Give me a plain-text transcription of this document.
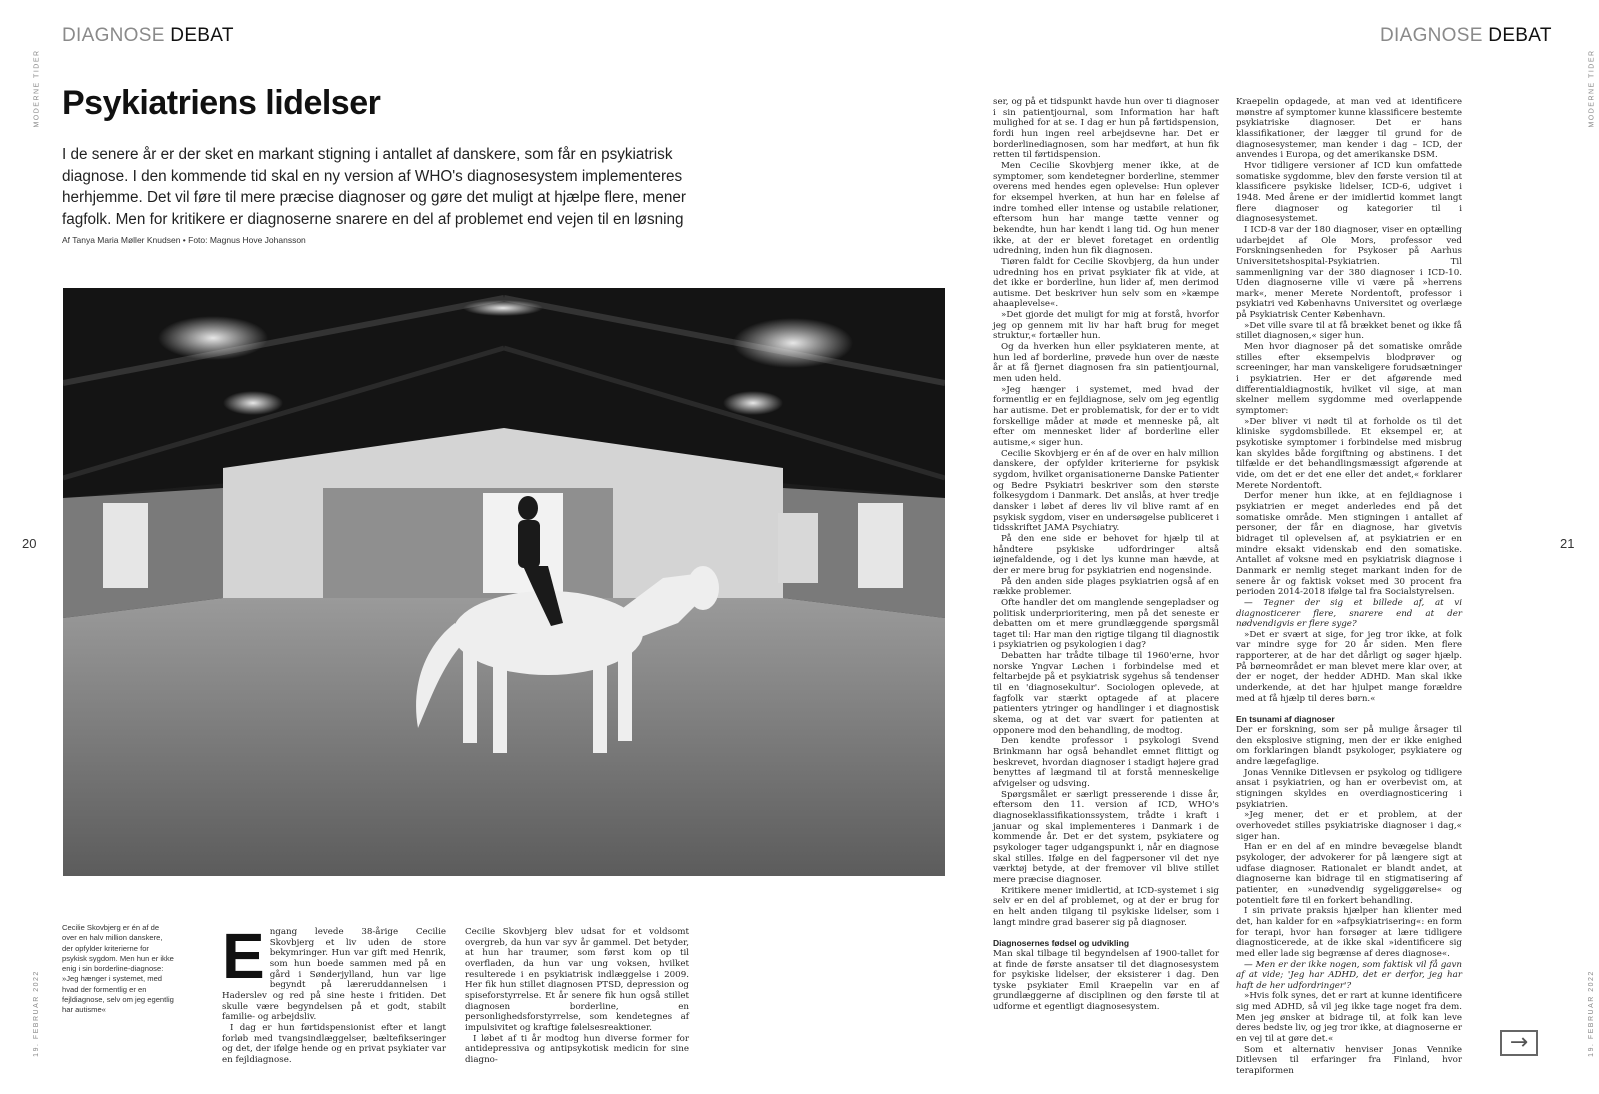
DIAGNOSE DEBAT	DIAGNOSE DEBAT
MODERNE TIDER	MODERNE TIDER
19. FEBRUAR 2022	19. FEBRUAR 2022
20	21
Psykiatriens lidelser

I de senere år er der sket en markant stigning i antallet af danskere, som får en psykiatrisk diagnose. I den kommende tid skal en ny version af WHO's diagnosesystem implementeres herhjemme. Det vil føre til mere præcise diagnoser og gøre det muligt at hjælpe flere, mener fagfolk. Men for kritikere er diagnoserne snarere en del af problemet end vejen til en løsning

Af Tanya Maria Møller Knudsen • Foto: Magnus Hove Johansson

Cecilie Skovbjerg er én af de over en halv million danskere, der opfylder kriterierne for psykisk sygdom. Men hun er ikke enig i sin borderline-diagnose: »Jeg hænger i systemet, med hvad der formentlig er en fejldiagnose, selv om jeg egentlig har autisme«

E ngang levede 38-årige Cecilie Skovbjerg et liv uden de store bekymringer. Hun var gift med Henrik, som hun boede sammen med på en gård i Sønderjylland, hun var lige begyndt på læreruddannelsen i Haderslev og red på sine heste i fritiden. Det skulle være begyndelsen på et godt, stabilt familie- og arbejdsliv.

I dag er hun førtidspensionist efter et langt forløb med tvangsindlæggelser, bæltefikseringer og det, der ifølge hende og en privat psykiater var en fejldiagnose.

Cecilie Skovbjerg blev udsat for et voldsomt overgreb, da hun var syv år gammel. Det betyder, at hun har traumer, som først kom op til overfladen, da hun var ung voksen, hvilket resulterede i en psykiatrisk indlæggelse i 2009. Her fik hun stillet diagnosen PTSD, depression og spiseforstyrrelse. Et år senere fik hun også stillet diagnosen borderline, en personlighedsforstyrrelse, som kendetegnes af impulsivitet og kraftige følelsesreaktioner.

I løbet af ti år modtog hun diverse former for antidepressiva og antipsykotisk medicin for sine diagno-

ser, og på et tidspunkt havde hun over ti diagnoser i sin patientjournal, som Information har haft mulighed for at se. I dag er hun på førtidspension, fordi hun ingen reel arbejdsevne har. Det er borderlinediagnosen, som har medført, at hun fik retten til førtidspension.

Men Cecilie Skovbjerg mener ikke, at de symptomer, som kendetegner borderline, stemmer overens med hendes egen oplevelse: Hun oplever for eksempel hverken, at hun har en følelse af indre tomhed eller intense og ustabile relationer, eftersom hun har mange tætte venner og bekendte, hun har kendt i lang tid. Og hun mener ikke, at der er blevet foretaget en ordentlig udredning, inden hun fik diagnosen.

Tiøren faldt for Cecilie Skovbjerg, da hun under udredning hos en privat psykiater fik at vide, at det ikke er borderline, hun lider af, men derimod autisme. Det beskriver hun selv som en »kæmpe ahaaplevelse«.

»Det gjorde det muligt for mig at forstå, hvorfor jeg op gennem mit liv har haft brug for meget struktur,« fortæller hun.

Og da hverken hun eller psykiateren mente, at hun led af borderline, prøvede hun over de næste år at få fjernet diagnosen fra sin patientjournal, men uden held.

»Jeg hænger i systemet, med hvad der formentlig er en fejldiagnose, selv om jeg egentlig har autisme. Det er problematisk, for der er to vidt forskellige måder at møde et menneske på, alt efter om mennesket lider af borderline eller autisme,« siger hun.

Cecilie Skovbjerg er én af de over en halv million danskere, der opfylder kriterierne for psykisk sygdom, hvilket organisationerne Danske Patienter og Bedre Psykiatri beskriver som den største folkesygdom i Danmark. Det anslås, at hver tredje dansker i løbet af deres liv vil blive ramt af en psykisk sygdom, viser en undersøgelse publiceret i tidsskriftet JAMA Psychiatry.

På den ene side er behovet for hjælp til at håndtere psykiske udfordringer altså iøjnefaldende, og i det lys kunne man hævde, at der er mere brug for psykiatrien end nogensinde.

På den anden side plages psykiatrien også af en række problemer.

Ofte handler det om manglende sengepladser og politisk underprioritering, men på det seneste er debatten om et mere grundlæggende spørgsmål taget til: Har man den rigtige tilgang til diagnostik i psykiatrien og psykologien i dag?

Debatten har trådte tilbage til 1960'erne, hvor norske Yngvar Løchen i forbindelse med et feltarbejde på et psykiatrisk sygehus så tendenser til en 'diagnosekultur'. Sociologen oplevede, at fagfolk var stærkt optagede af at placere patienters ytringer og handlinger i et diagnostisk skema, og at det var svært for patienten at opponere mod den behandling, de modtog.

Den kendte professor i psykologi Svend Brinkmann har også behandlet emnet flittigt og beskrevet, hvordan diagnoser i stadigt højere grad benyttes af lægmand til at forstå menneskelige afvigelser og udsving.

Spørgsmålet er særligt presserende i disse år, eftersom den 11. version af ICD, WHO's diagnoseklassifikationssystem, trådte i kraft i januar og skal implementeres i Danmark i de kommende år. Det er det system, psykiatere og psykologer tager udgangspunkt i, når en diagnose skal stilles. Ifølge en del fagpersoner vil det nye værktøj betyde, at der fremover vil blive stillet mere præcise diagnoser.

Kritikere mener imidlertid, at ICD-systemet i sig selv er en del af problemet, og at der er brug for en helt anden tilgang til psykiske lidelser, som i langt mindre grad baserer sig på diagnoser.

Diagnosernes fødsel og udvikling

Man skal tilbage til begyndelsen af 1900-tallet for at finde de første ansatser til det diagnosesystem for psykiske lidelser, der eksisterer i dag. Den tyske psykiater Emil Kraepelin var en af grundlæggerne af disciplinen og den første til at udforme et egentligt diagnosesystem.

Kraepelin opdagede, at man ved at identificere mønstre af symptomer kunne klassificere bestemte psykiatriske diagnoser. Det er hans klassifikationer, der lægger til grund for de diagnosesystemer, man kender i dag – ICD, der anvendes i Europa, og det amerikanske DSM.

Hvor tidligere versioner af ICD kun omfattede somatiske sygdomme, blev den første version til at klassificere psykiske lidelser, ICD-6, udgivet i 1948. Med årene er der imidlertid kommet langt flere diagnoser og kategorier til i diagnosesystemet.

I ICD-8 var der 180 diagnoser, viser en optælling udarbejdet af Ole Mors, professor ved Forskningsenheden for Psykoser på Aarhus Universitetshospital-Psykiatrien. Til sammenligning var der 380 diagnoser i ICD-10. Uden diagnoserne ville vi være på »herrens mark«, mener Merete Nordentoft, professor i psykiatri ved Københavns Universitet og overlæge på Psykiatrisk Center København.

»Det ville svare til at få brækket benet og ikke få stillet diagnosen,« siger hun.

Men hvor diagnoser på det somatiske område stilles efter eksempelvis blodprøver og screeninger, har man vanskeligere forudsætninger i psykiatrien. Her er det afgørende med differentialdiagnostik, hvilket vil sige, at man skelner mellem sygdomme med overlappende symptomer:

»Der bliver vi nødt til at forholde os til det kliniske sygdomsbillede. Et eksempel er, at psykotiske symptomer i forbindelse med misbrug kan skyldes både forgiftning og abstinens. I det tilfælde er det behandlingsmæssigt afgørende at vide, om det er det ene eller det andet,« forklarer Merete Nordentoft.

Derfor mener hun ikke, at en fejldiagnose i psykiatrien er meget anderledes end på det somatiske område. Men stigningen i antallet af personer, der får en diagnose, har givetvis bidraget til oplevelsen af, at psykiatrien er en mindre eksakt videnskab end den somatiske. Antallet af voksne med en psykiatrisk diagnose i Danmark er nemlig steget markant inden for de senere år og faktisk vokset med 30 procent fra perioden 2014-2018 ifølge tal fra Socialstyrelsen.

— Tegner der sig et billede af, at vi diagnosticerer flere, snarere end at der nødvendigvis er flere syge?

»Det er svært at sige, for jeg tror ikke, at folk var mindre syge for 20 år siden. Men flere rapporterer, at de har det dårligt og søger hjælp. På børneområdet er man blevet mere klar over, at der er noget, der hedder ADHD. Man skal ikke underkende, at det har hjulpet mange forældre med at få hjælp til deres børn.«

En tsunami af diagnoser

Der er forskning, som ser på mulige årsager til den eksplosive stigning, men der er ikke enighed om forklaringen blandt psykologer, psykiatere og andre lægefaglige.

Jonas Vennike Ditlevsen er psykolog og tidligere ansat i psykiatrien, og han er overbevist om, at stigningen skyldes en overdiagnosticering i psykiatrien.

»Jeg mener, det er et problem, at der overhovedet stilles psykiatriske diagnoser i dag,« siger han.

Han er en del af en mindre bevægelse blandt psykologer, der advokerer for på længere sigt at udfase diagnoser. Rationalet er blandt andet, at diagnoserne kan bidrage til en stigmatisering af patienter, en »unødvendig sygeliggørelse« og potentielt føre til en forkert behandling.

I sin private praksis hjælper han klienter med det, han kalder for en »afpsykiatrisering«: en form for terapi, hvor han forsøger at lære tidligere diagnosticerede, at de ikke skal »identificere sig med eller lade sig begrænse af deres diagnose«.

— Men er der ikke nogen, som faktisk vil få gavn af at vide; 'Jeg har ADHD, det er derfor, jeg har haft de her udfordringer'?

»Hvis folk synes, det er rart at kunne identificere sig med ADHD, så vil jeg ikke tage noget fra dem. Men jeg ønsker at bidrage til, at folk kan leve deres bedste liv, og jeg tror ikke, at diagnoserne er en vej til at gøre det.«

Som et alternativ henviser Jonas Vennike Ditlevsen til erfaringer fra Finland, hvor terapiformen

→
